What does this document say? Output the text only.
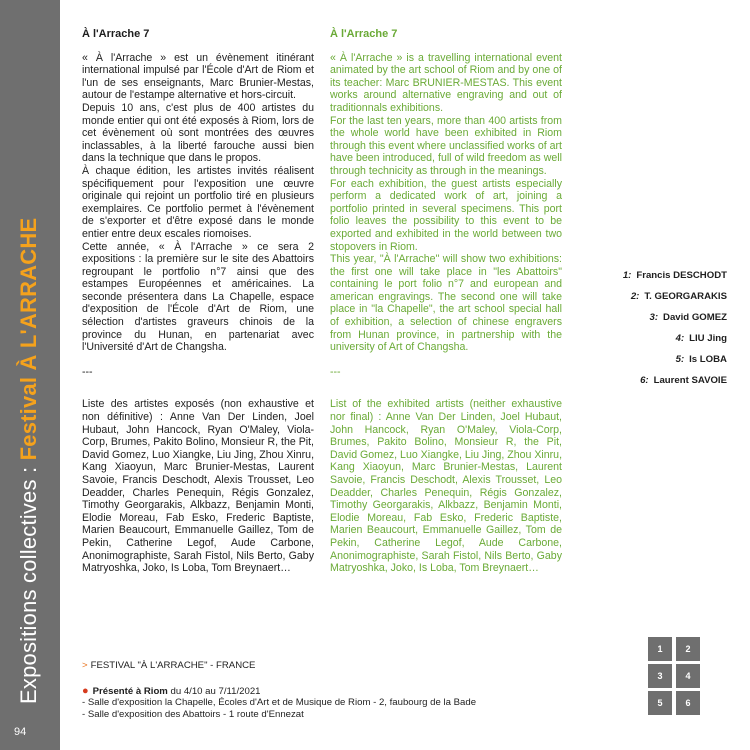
Expositions collectives : Festival À L'ARRACHE
94
À l'Arrache 7

« À l'Arrache » est un évènement itinérant international impulsé par l'École d'Art de Riom et l'un de ses enseignants, Marc Brunier-Mestas, autour de l'estampe alternative et hors-circuit.

Depuis 10 ans, c'est plus de 400 artistes du monde entier qui ont été exposés à Riom, lors de cet évènement où sont montrées des œuvres inclassables, à la liberté farouche aussi bien dans la technique que dans le propos.

À chaque édition, les artistes invités réalisent spécifiquement pour l'exposition une œuvre originale qui rejoint un portfolio tiré en plusieurs exemplaires. Ce portfolio permet à l'évènement de s'exporter et d'être exposé dans le monde entier entre deux escales riomoises.

Cette année, « À l'Arrache » ce sera 2 expositions : la première sur le site des Abattoirs regroupant le portfolio n°7 ainsi que des estampes Européennes et américaines. La seconde présentera dans La Chapelle, espace d'exposition de l'École d'Art de Riom, une sélection d'artistes graveurs chinois de la province du Hunan, en partenariat avec l'Université d'Art de Changsha.

---

Liste des artistes exposés (non exhaustive et non définitive) : Anne Van Der Linden, Joel Hubaut, John Hancock, Ryan O'Maley, Viola-Corp, Brumes, Pakito Bolino, Monsieur R, the Pit, David Gomez, Luo Xiangke, Liu Jing, Zhou Xinru, Kang Xiaoyun, Marc Brunier-Mestas, Laurent Savoie, Francis Deschodt, Alexis Trousset, Leo Deadder, Charles Penequin, Régis Gonzalez, Timothy Georgarakis, Alkbazz, Benjamin Monti, Elodie Moreau, Fab Esko, Frederic Baptiste, Marien Beaucourt, Emmanuelle Gaillez, Tom de Pekin, Catherine Legof, Aude Carbone, Anonimographiste, Sarah Fistol, Nils Berto, Gaby Matryoshka, Joko, Is Loba, Tom Breynaert…

À l'Arrache 7

« À l'Arrache » is a travelling international event animated by the art school of Riom and by one of its teacher: Marc BRUNIER-MESTAS. This event works around alternative engraving and out of traditionnals exhibitions.

For the last ten years, more than 400 artists from the whole world have been exhibited in Riom through this event where unclassified works of art have been introduced, full of wild freedom as well through technicity as through in the meanings.

For each exhibition, the guest artists especially perform a dedicated work of art, joining a portfolio printed in several specimens. This port folio leaves the possibility to this event to be exported and exhibited in the world between two stopovers in Riom.

This year, "À l'Arrache" will show two exhibitions: the first one will take place in "les Abattoirs" containing le port folio n°7 and european and american engravings. The second one will take place in "la Chapelle", the art school special hall of exhibition, a selection of chinese engravers from Hunan province, in partnership with the university of Art of Changsha.

---

List of the exhibited artists (neither exhaustive nor final) : Anne Van Der Linden, Joel Hubaut, John Hancock, Ryan O'Maley, Viola-Corp, Brumes, Pakito Bolino, Monsieur R, the Pit, David Gomez, Luo Xiangke, Liu Jing, Zhou Xinru, Kang Xiaoyun, Marc Brunier-Mestas, Laurent Savoie, Francis Deschodt, Alexis Trousset, Leo Deadder, Charles Penequin, Régis Gonzalez, Timothy Georgarakis, Alkbazz, Benjamin Monti, Elodie Moreau, Fab Esko, Frederic Baptiste, Marien Beaucourt, Emmanuelle Gaillez, Tom de Pekin, Catherine Legof, Aude Carbone, Anonimographiste, Sarah Fistol, Nils Berto, Gaby Matryoshka, Joko, Is Loba, Tom Breynaert…

1: Francis DESCHODT
2: T. GEORGARAKIS
3: David GOMEZ
4: LIU Jing
5: Is LOBA
6: Laurent SAVOIE
> FESTIVAL "À L'ARRACHE" - FRANCE
● Présenté à Riom du 4/10 au 7/11/2021
- Salle d'exposition la Chapelle, Écoles d'Art et de Musique de Riom - 2, faubourg de la Bade
- Salle d'exposition des Abattoirs - 1 route d'Ennezat
1	2
3	4
5	6
